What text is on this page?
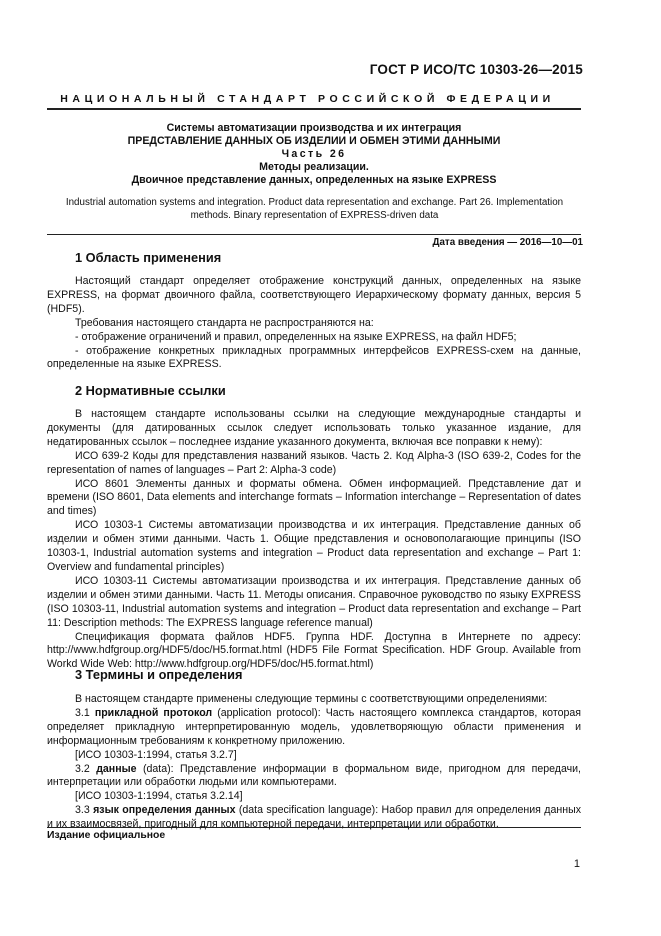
ГОСТ Р ИСО/ТС 10303-26—2015
НАЦИОНАЛЬНЫЙ СТАНДАРТ РОССИЙСКОЙ ФЕДЕРАЦИИ
Системы автоматизации производства и их интеграция
ПРЕДСТАВЛЕНИЕ ДАННЫХ ОБ ИЗДЕЛИИ И ОБМЕН ЭТИМИ ДАННЫМИ
Часть 26
Методы реализации.
Двоичное представление данных, определенных на языке EXPRESS
Industrial automation systems and integration. Product data representation and exchange. Part 26. Implementation
methods. Binary representation of EXPRESS-driven data
Дата введения — 2016—10—01
1 Область применения

Настоящий стандарт определяет отображение конструкций данных, определенных на языке EXPRESS, на формат двоичного файла, соответствующего Иерархическому формату данных, версия 5 (HDF5).

Требования настоящего стандарта не распространяются на:

- отображение ограничений и правил, определенных на языке EXPRESS, на файл HDF5;

- отображение конкретных прикладных программных интерфейсов EXPRESS-схем на данные, определенные на языке EXPRESS.

2 Нормативные ссылки

В настоящем стандарте использованы ссылки на следующие международные стандарты и документы (для датированных ссылок следует использовать только указанное издание, для недатированных ссылок – последнее издание указанного документа, включая все поправки к нему):

ИСО 639-2 Коды для представления названий языков. Часть 2. Код Alpha-3 (ISO 639-2, Codes for the representation of names of languages – Part 2: Alpha-3 code)

ИСО 8601 Элементы данных и форматы обмена. Обмен информацией. Представление дат и времени (ISO 8601, Data elements and interchange formats – Information interchange – Representation of dates and times)

ИСО 10303-1 Системы автоматизации производства и их интеграция. Представление данных об изделии и обмен этими данными. Часть 1. Общие представления и основополагающие принципы (ISO 10303-1, Industrial automation systems and integration – Product data representation and exchange – Part 1: Overview and fundamental principles)

ИСО 10303-11 Системы автоматизации производства и их интеграция. Представление данных об изделии и обмен этими данными. Часть 11. Методы описания. Справочное руководство по языку EXPRESS (ISO 10303-11, Industrial automation systems and integration – Product data representation and exchange – Part 11: Description methods: The EXPRESS language reference manual)

Спецификация формата файлов HDF5. Группа HDF. Доступна в Интернете по адресу: http://www.hdfgroup.org/HDF5/doc/H5.format.html (HDF5 File Format Specification. HDF Group. Available from Workd Wide Web: http://www.hdfgroup.org/HDF5/doc/H5.format.html)

3 Термины и определения

В настоящем стандарте применены следующие термины с соответствующими определениями:

3.1 прикладной протокол (application protocol): Часть настоящего комплекса стандартов, которая определяет прикладную интерпретированную модель, удовлетворяющую области применения и информационным требованиям к конкретному приложению.

[ИСО 10303-1:1994, статья 3.2.7]

3.2 данные (data): Представление информации в формальном виде, пригодном для передачи, интерпретации или обработки людьми или компьютерами.

[ИСО 10303-1:1994, статья 3.2.14]

3.3 язык определения данных (data specification language): Набор правил для определения данных и их взаимосвязей, пригодный для компьютерной передачи, интерпретации или обработки.

Издание официальное
1
